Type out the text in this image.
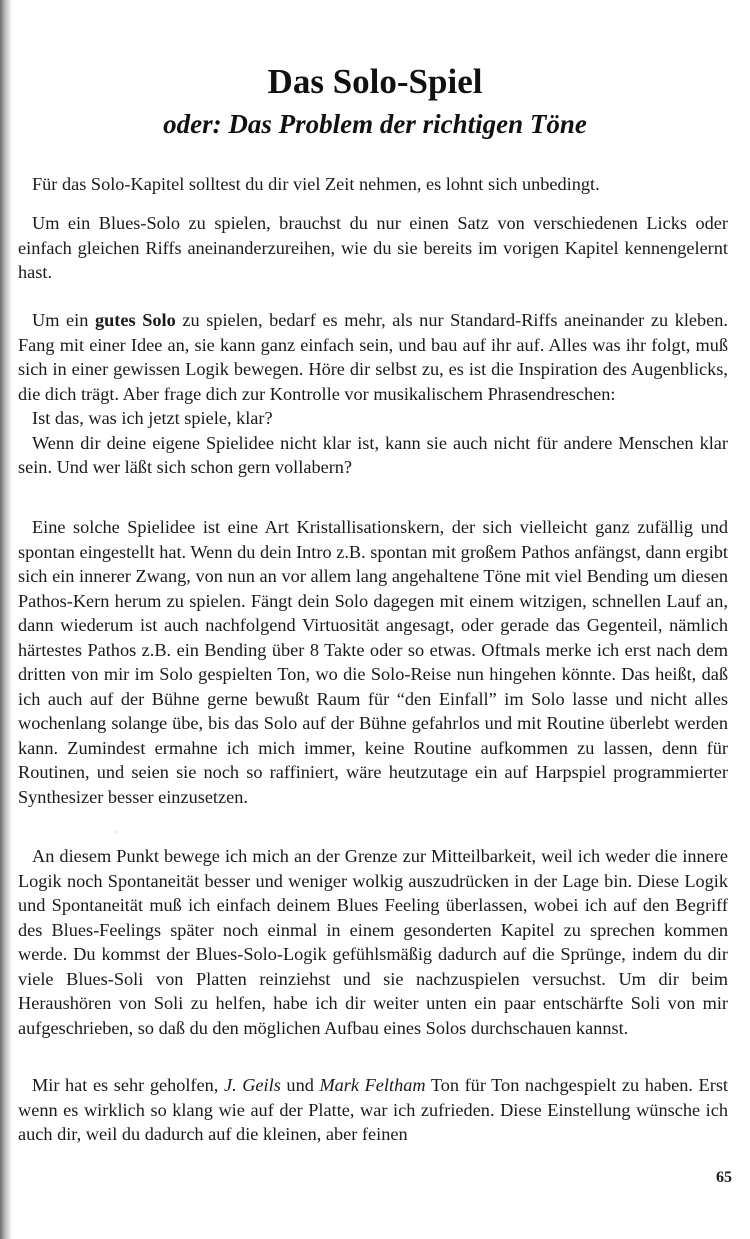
Das Solo-Spiel
oder: Das Problem der richtigen Töne

Für das Solo-Kapitel solltest du dir viel Zeit nehmen, es lohnt sich unbedingt.

Um ein Blues-Solo zu spielen, brauchst du nur einen Satz von verschiedenen Licks oder einfach gleichen Riffs aneinanderzureihen, wie du sie bereits im vorigen Kapitel kennengelernt hast.

Um ein gutes Solo zu spielen, bedarf es mehr, als nur Standard-Riffs aneinander zu kleben. Fang mit einer Idee an, sie kann ganz einfach sein, und bau auf ihr auf. Alles was ihr folgt, muß sich in einer gewissen Logik bewegen. Höre dir selbst zu, es ist die Inspiration des Augenblicks, die dich trägt. Aber frage dich zur Kontrolle vor musikalischem Phrasendreschen:

Ist das, was ich jetzt spiele, klar?

Wenn dir deine eigene Spielidee nicht klar ist, kann sie auch nicht für andere Menschen klar sein. Und wer läßt sich schon gern vollabern?

Eine solche Spielidee ist eine Art Kristallisationskern, der sich vielleicht ganz zufällig und spontan eingestellt hat. Wenn du dein Intro z.B. spontan mit großem Pathos anfängst, dann ergibt sich ein innerer Zwang, von nun an vor allem lang angehaltene Töne mit viel Bending um diesen Pathos-Kern herum zu spielen. Fängt dein Solo dagegen mit einem witzigen, schnellen Lauf an, dann wiederum ist auch nachfolgend Virtuosität angesagt, oder gerade das Gegenteil, nämlich härtestes Pathos z.B. ein Bending über 8 Takte oder so etwas. Oftmals merke ich erst nach dem dritten von mir im Solo gespielten Ton, wo die Solo-Reise nun hingehen könnte. Das heißt, daß ich auch auf der Bühne gerne bewußt Raum für “den Einfall” im Solo lasse und nicht alles wochenlang solange übe, bis das Solo auf der Bühne gefahrlos und mit Routine überlebt werden kann. Zumindest ermahne ich mich immer, keine Routine aufkommen zu lassen, denn für Routinen, und seien sie noch so raffiniert, wäre heutzutage ein auf Harpspiel programmierter Synthesizer besser einzusetzen.

·

An diesem Punkt bewege ich mich an der Grenze zur Mitteilbarkeit, weil ich weder die innere Logik noch Spontaneität besser und weniger wolkig auszudrücken in der Lage bin. Diese Logik und Spontaneität muß ich einfach deinem Blues Feeling überlassen, wobei ich auf den Begriff des Blues-Feelings später noch einmal in einem gesonderten Kapitel zu sprechen kommen werde. Du kommst der Blues-Solo-Logik gefühlsmäßig dadurch auf die Sprünge, indem du dir viele Blues-Soli von Platten reinziehst und sie nachzuspielen versuchst. Um dir beim Heraushören von Soli zu helfen, habe ich dir weiter unten ein paar entschärfte Soli von mir aufgeschrieben, so daß du den möglichen Aufbau eines Solos durchschauen kannst.

Mir hat es sehr geholfen, J. Geils und Mark Feltham Ton für Ton nachgespielt zu haben. Erst wenn es wirklich so klang wie auf der Platte, war ich zufrieden. Diese Einstellung wünsche ich auch dir, weil du dadurch auf die kleinen, aber feinen

65
